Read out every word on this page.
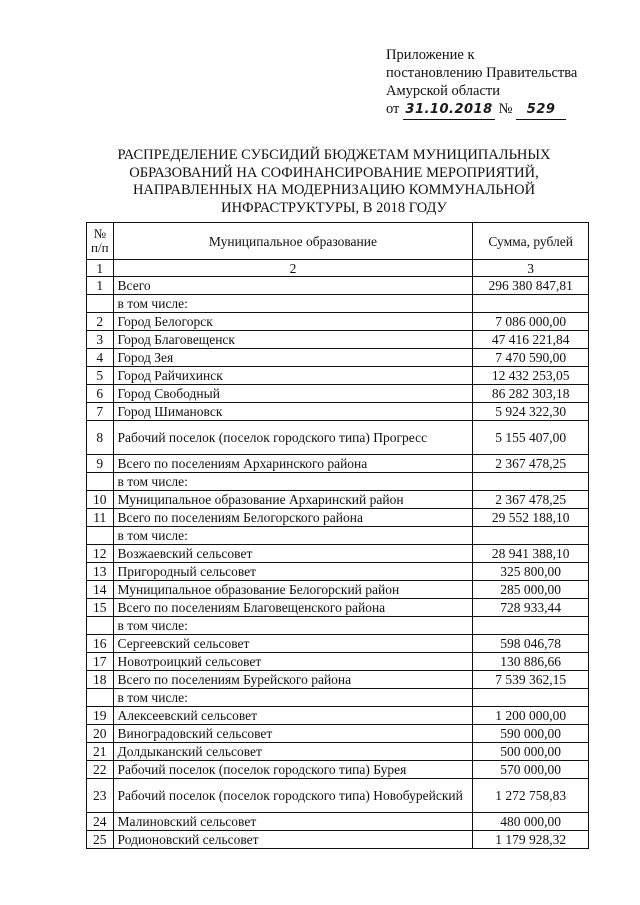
Приложение к
постановлению Правительства
Амурской области
от 31.10.2018 № 529
РАСПРЕДЕЛЕНИЕ СУБСИДИЙ БЮДЖЕТАМ МУНИЦИПАЛЬНЫХ
ОБРАЗОВАНИЙ НА СОФИНАНСИРОВАНИЕ МЕРОПРИЯТИЙ,
НАПРАВЛЕННЫХ НА МОДЕРНИЗАЦИЮ КОММУНАЛЬНОЙ
ИНФРАСТРУКТУРЫ, В 2018 ГОДУ
№
п/п	Муниципальное образование	Сумма, рублей
1	2	3
1	Всего	296 380 847,81
	в том числе:	
2	Город Белогорск	7 086 000,00
3	Город Благовещенск	47 416 221,84
4	Город Зея	7 470 590,00
5	Город Райчихинск	12 432 253,05
6	Город Свободный	86 282 303,18
7	Город Шимановск	5 924 322,30
8	Рабочий поселок (поселок городского типа) Прогресс	5 155 407,00
9	Всего по поселениям Архаринского района	2 367 478,25
	в том числе:	
10	Муниципальное образование Архаринский район	2 367 478,25
11	Всего по поселениям Белогорского района	29 552 188,10
	в том числе:	
12	Возжаевский сельсовет	28 941 388,10
13	Пригородный сельсовет	325 800,00
14	Муниципальное образование Белогорский район	285 000,00
15	Всего по поселениям Благовещенского района	728 933,44
	в том числе:	
16	Сергеевский сельсовет	598 046,78
17	Новотроицкий сельсовет	130 886,66
18	Всего по поселениям Бурейского района	7 539 362,15
	в том числе:	
19	Алексеевский сельсовет	1 200 000,00
20	Виноградовский сельсовет	590 000,00
21	Долдыканский сельсовет	500 000,00
22	Рабочий поселок (поселок городского типа) Бурея	570 000,00
23	Рабочий поселок (поселок городского типа) Новобурейский	1 272 758,83
24	Малиновский сельсовет	480 000,00
25	Родионовский сельсовет	1 179 928,32
